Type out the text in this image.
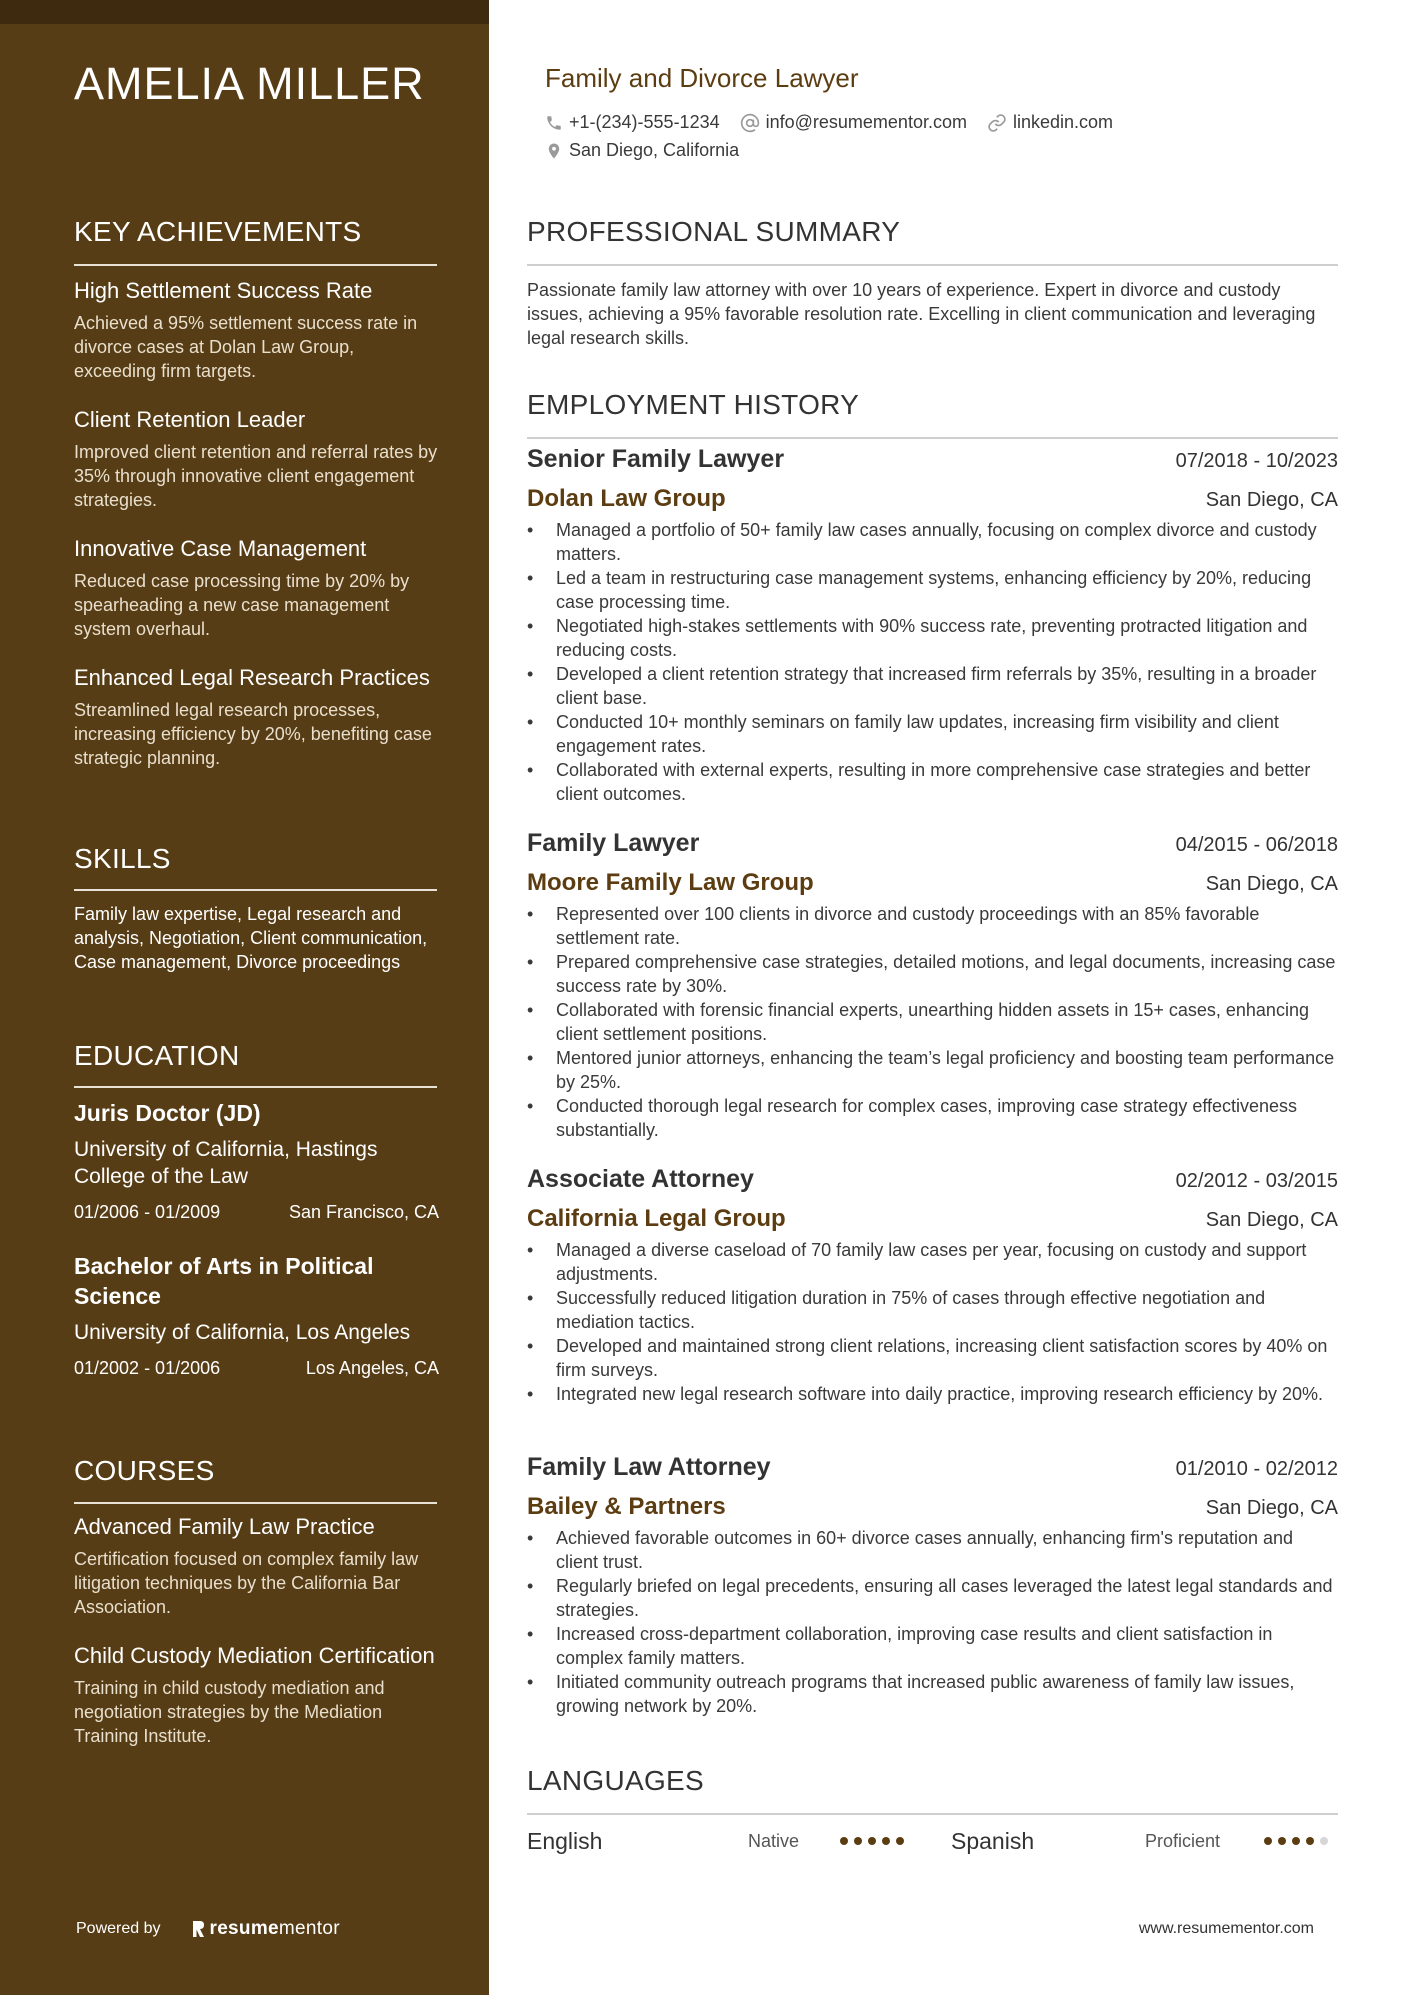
AMELIA MILLER
KEY ACHIEVEMENTS

High Settlement Success Rate

Achieved a 95% settlement success rate in divorce cases at Dolan Law Group, exceeding firm targets.

Client Retention Leader

Improved client retention and referral rates by 35% through innovative client engagement strategies.

Innovative Case Management

Reduced case processing time by 20% by spearheading a new case management system overhaul.

Enhanced Legal Research Practices

Streamlined legal research processes, increasing efficiency by 20%, benefiting case strategic planning.

SKILLS

Family law expertise, Legal research and analysis, Negotiation, Client communication, Case management, Divorce proceedings

EDUCATION

Juris Doctor (JD)

University of California, Hastings College of the Law

01/2006 - 01/2009	San Francisco, CA

Bachelor of Arts in Political Science

University of California, Los Angeles

01/2002 - 01/2006	Los Angeles, CA
COURSES

Advanced Family Law Practice

Certification focused on complex family law litigation techniques by the California Bar Association.

Child Custody Mediation Certification

Training in child custody mediation and negotiation strategies by the Mediation Training Institute.

Powered by	resume mentor
Family and Divorce Lawyer
+1-(234)-555-1234	info@resumementor.com	linkedin.com
San Diego, California
PROFESSIONAL SUMMARY

Passionate family law attorney with over 10 years of experience. Expert in divorce and custody issues, achieving a 95% favorable resolution rate. Excelling in client communication and leveraging legal research skills.

EMPLOYMENT HISTORY
Senior Family Lawyer	07/2018 - 10/2023
Dolan Law Group	San Diego, CA
• Managed a portfolio of 50+ family law cases annually, focusing on complex divorce and custody matters.
• Led a team in restructuring case management systems, enhancing efficiency by 20%, reducing case processing time.
• Negotiated high-stakes settlements with 90% success rate, preventing protracted litigation and reducing costs.
• Developed a client retention strategy that increased firm referrals by 35%, resulting in a broader client base.
• Conducted 10+ monthly seminars on family law updates, increasing firm visibility and client engagement rates.
• Collaborated with external experts, resulting in more comprehensive case strategies and better client outcomes.
Family Lawyer	04/2015 - 06/2018
Moore Family Law Group	San Diego, CA
• Represented over 100 clients in divorce and custody proceedings with an 85% favorable settlement rate.
• Prepared comprehensive case strategies, detailed motions, and legal documents, increasing case success rate by 30%.
• Collaborated with forensic financial experts, unearthing hidden assets in 15+ cases, enhancing client settlement positions.
• Mentored junior attorneys, enhancing the team’s legal proficiency and boosting team performance by 25%.
• Conducted thorough legal research for complex cases, improving case strategy effectiveness substantially.
Associate Attorney	02/2012 - 03/2015
California Legal Group	San Diego, CA
• Managed a diverse caseload of 70 family law cases per year, focusing on custody and support adjustments.
• Successfully reduced litigation duration in 75% of cases through effective negotiation and mediation tactics.
• Developed and maintained strong client relations, increasing client satisfaction scores by 40% on firm surveys.
• Integrated new legal research software into daily practice, improving research efficiency by 20%.
Family Law Attorney	01/2010 - 02/2012
Bailey & Partners	San Diego, CA
• Achieved favorable outcomes in 60+ divorce cases annually, enhancing firm's reputation and client trust.
• Regularly briefed on legal precedents, ensuring all cases leveraged the latest legal standards and strategies.
• Increased cross-department collaboration, improving case results and client satisfaction in complex family matters.
• Initiated community outreach programs that increased public awareness of family law issues, growing network by 20%.
LANGUAGES
English	Native	Spanish	Proficient
www.resumementor.com
